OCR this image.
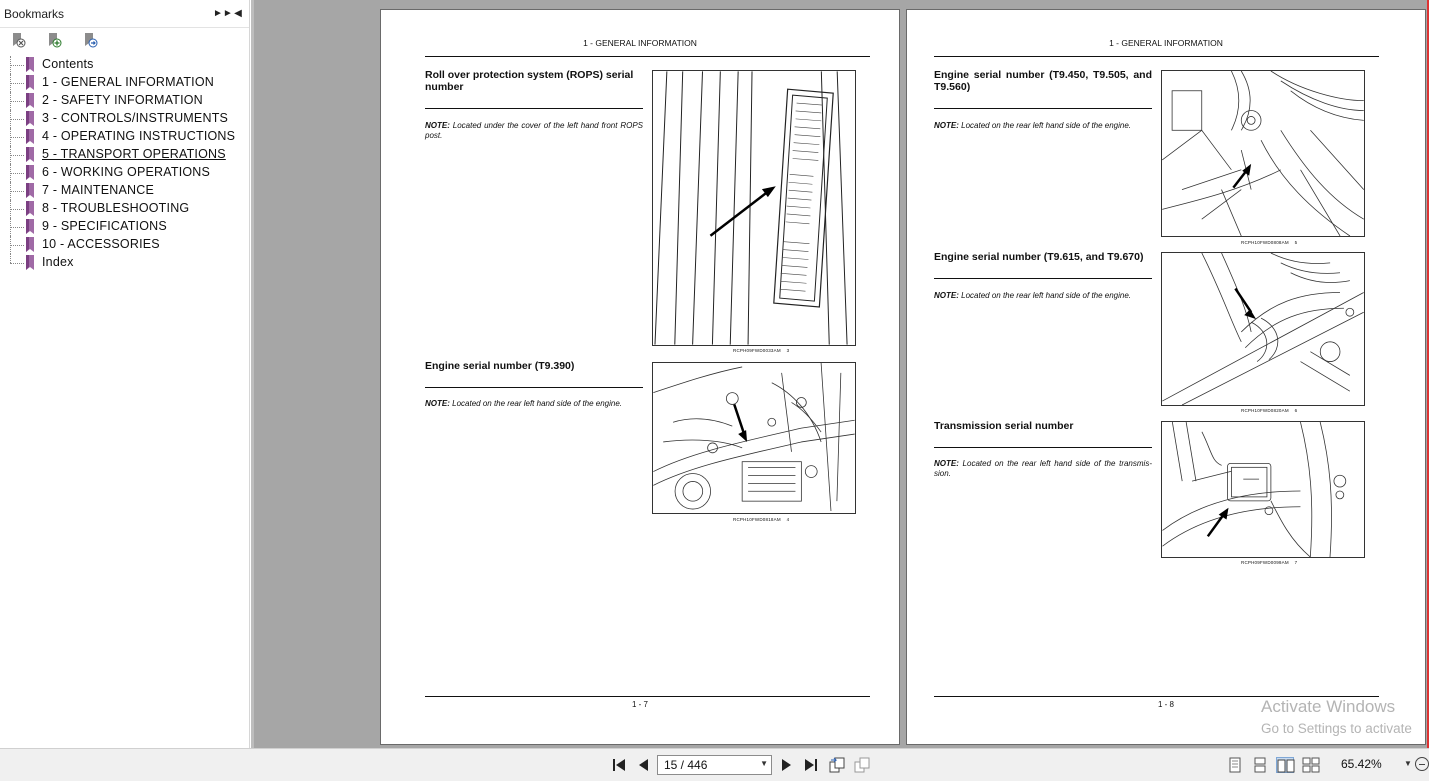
Bookmarks	►► ◀
Contents
1 - GENERAL INFORMATION
2 - SAFETY INFORMATION
3 - CONTROLS/INSTRUMENTS
4 - OPERATING INSTRUCTIONS
5 - TRANSPORT OPERATIONS
6 - WORKING OPERATIONS
7 - MAINTENANCE
8 - TROUBLESHOOTING
9 - SPECIFICATIONS
10 - ACCESSORIES
Index
1 - GENERAL INFORMATION
Roll over protection system (ROPS) serial number
NOTE: Located under the cover of the left hand front ROPS post.
RCPH09FWD0033AM 3
Engine serial number (T9.390)
NOTE: Located on the rear left hand side of the engine.
RCPH10FWD0818AM 4
1 - 7
1 - GENERAL INFORMATION
Engine serial number (T9.450, T9.505, and T9.560)
NOTE: Located on the rear left hand side of the engine.
RCPH10FWD0808AM 5
Engine serial number (T9.615, and T9.670)
NOTE: Located on the rear left hand side of the engine.
RCPH10FWD0820AM 6
Transmission serial number
NOTE: Located on the rear left hand side of the transmis-sion.
RCPH09FWD0099AM 7
1 - 8	Activate Windows
Go to Settings to activate
15 / 446	▼	65.42%	▼
